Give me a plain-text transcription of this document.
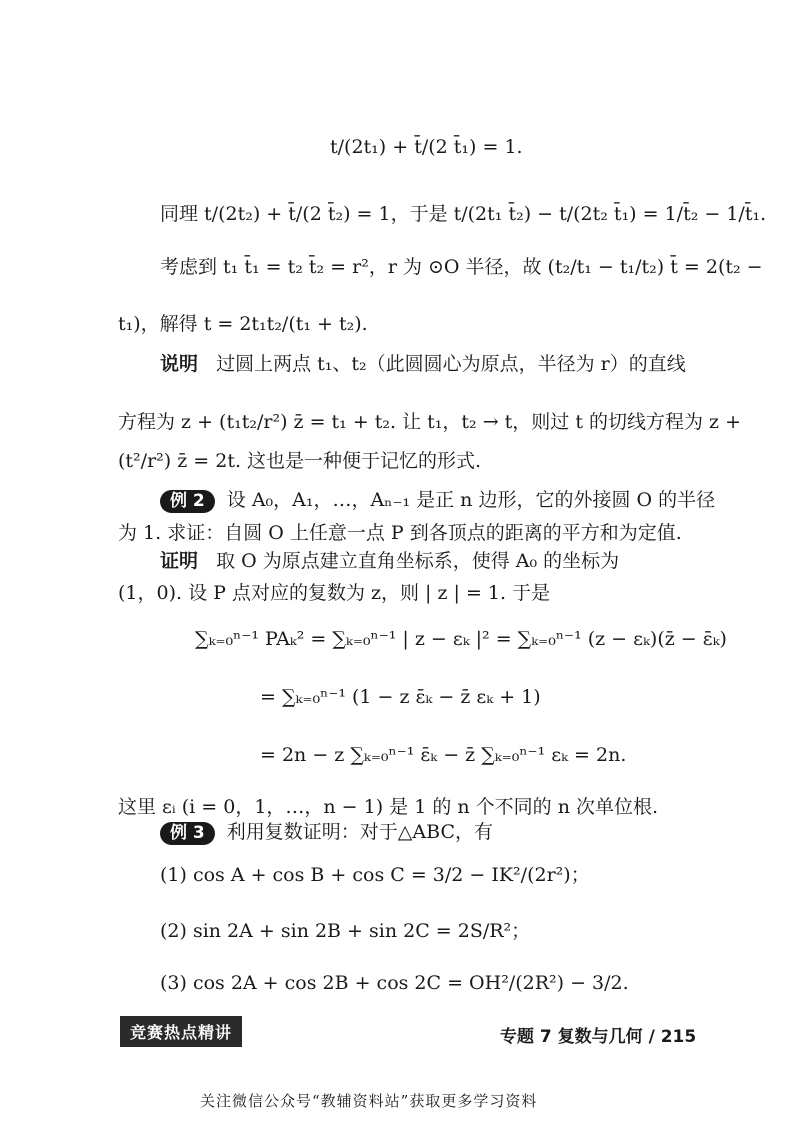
t/(2t₁) + t̄/(2 t̄₁) = 1.
同理 t/(2t₂) + t̄/(2 t̄₂) = 1，于是 t/(2t₁ t̄₂) − t/(2t₂ t̄₁) = 1/t̄₂ − 1/t̄₁.
考虑到 t₁ t̄₁ = t₂ t̄₂ = r²，r 为 ⊙O 半径，故 (t₂/t₁ − t₁/t₂) t̄ = 2(t₂ −
t₁)，解得 t = 2t₁t₂/(t₁ + t₂).
说明 过圆上两点 t₁、t₂（此圆圆心为原点，半径为 r）的直线
方程为 z + (t₁t₂/r²) z̄ = t₁ + t₂. 让 t₁，t₂ → t，则过 t 的切线方程为 z +
(t²/r²) z̄ = 2t. 这也是一种便于记忆的形式.
例 2 设 A₀，A₁，…，Aₙ₋₁ 是正 n 边形，它的外接圆 O 的半径
为 1. 求证：自圆 O 上任意一点 P 到各顶点的距离的平方和为定值.
证明 取 O 为原点建立直角坐标系，使得 A₀ 的坐标为
(1，0). 设 P 点对应的复数为 z，则 | z | = 1. 于是
∑ₖ₌₀ⁿ⁻¹ PAₖ² = ∑ₖ₌₀ⁿ⁻¹ | z − εₖ |² = ∑ₖ₌₀ⁿ⁻¹ (z − εₖ)(z̄ − ε̄ₖ)
= ∑ₖ₌₀ⁿ⁻¹ (1 − z ε̄ₖ − z̄ εₖ + 1)
= 2n − z ∑ₖ₌₀ⁿ⁻¹ ε̄ₖ − z̄ ∑ₖ₌₀ⁿ⁻¹ εₖ = 2n.
这里 εᵢ (i = 0，1，…，n − 1) 是 1 的 n 个不同的 n 次单位根.
例 3 利用复数证明：对于△ABC，有
(1) cos A + cos B + cos C = 3/2 − IK²/(2r²)；
(2) sin 2A + sin 2B + sin 2C = 2S/R²；
(3) cos 2A + cos 2B + cos 2C = OH²/(2R²) − 3/2.
竞赛热点精讲	专题 7 复数与几何 / 215
关注微信公众号“教辅资料站”获取更多学习资料
